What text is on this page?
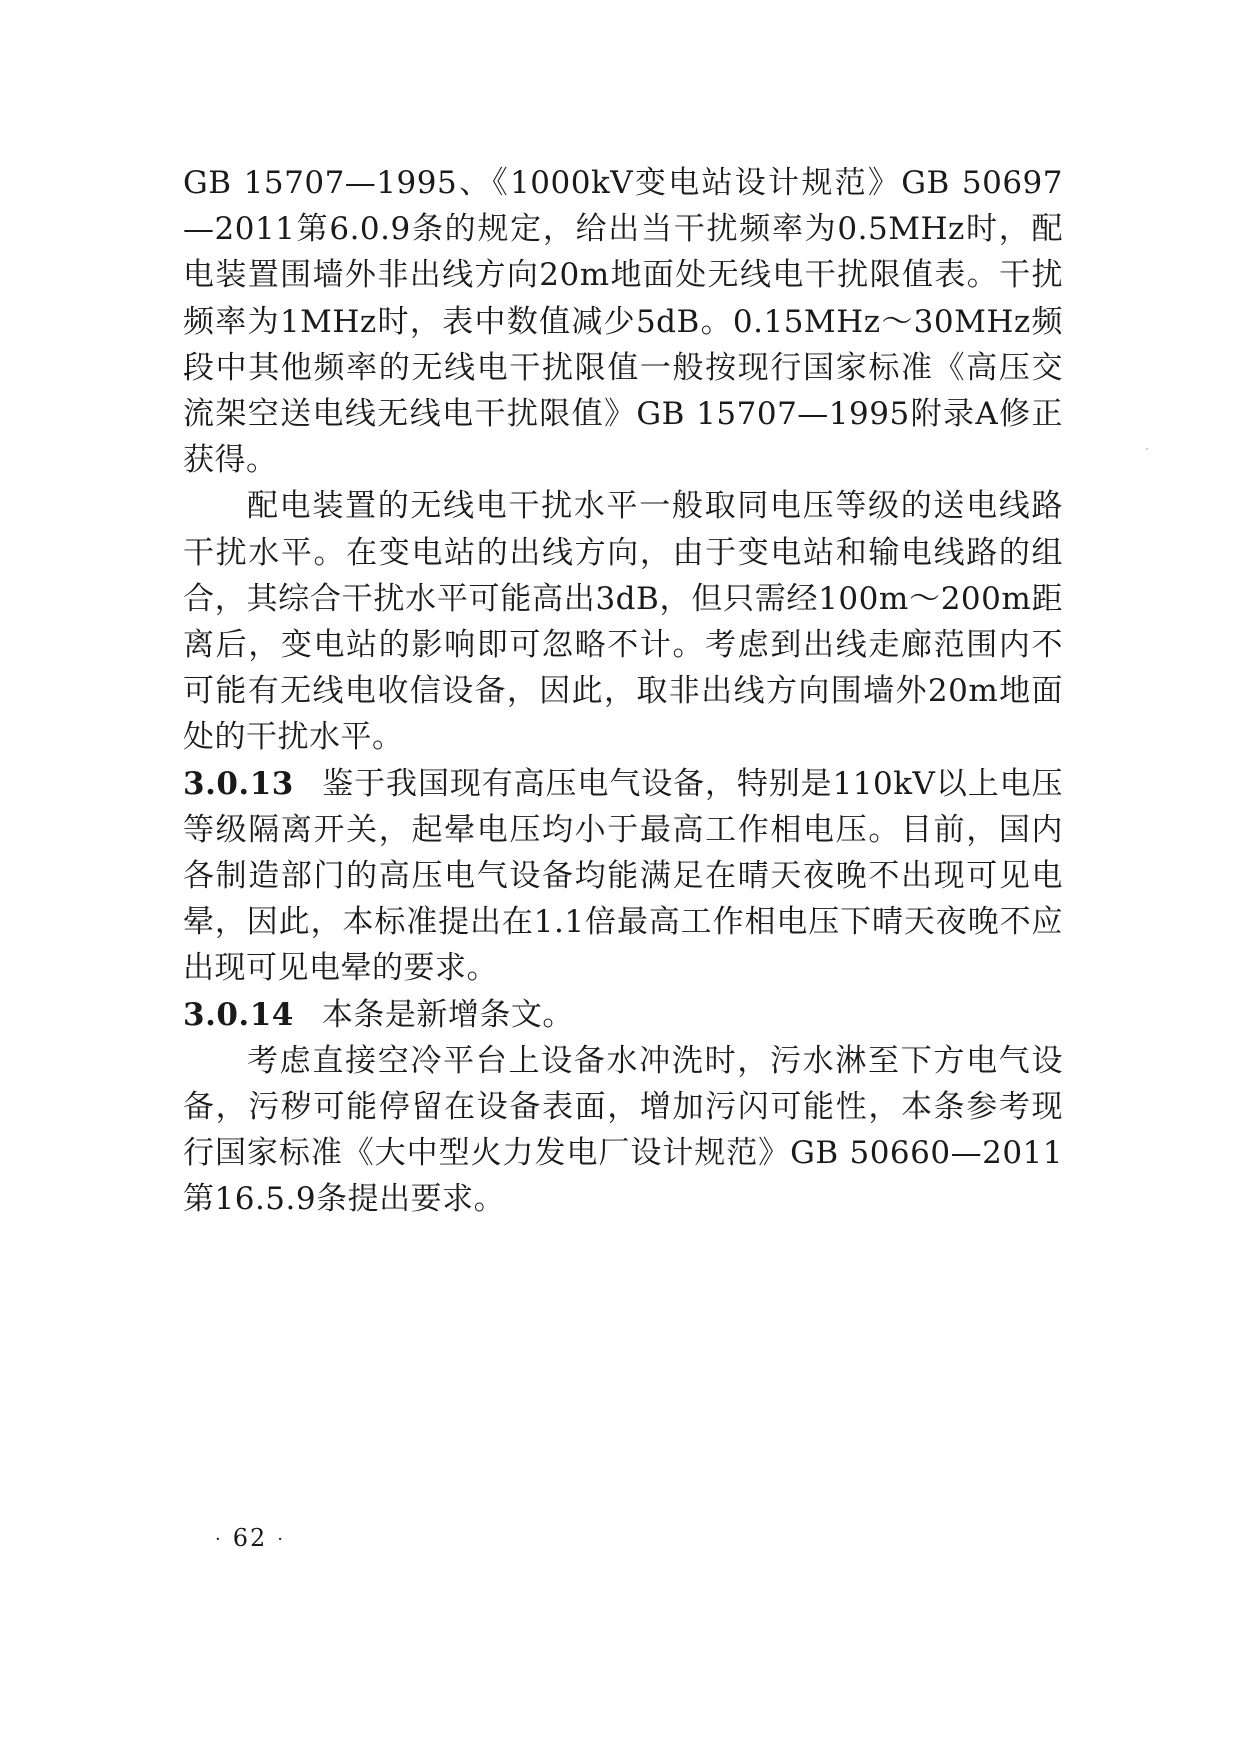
GB 15707—1995、《1000kV变电站设计规范》GB 50697—2011第6.0.9条的规定，给出当干扰频率为0.5MHz时，配电装置围墙外非出线方向20m地面处无线电干扰限值表。干扰频率为1MHz时，表中数值减少5dB。0.15MHz～30MHz频段中其他频率的无线电干扰限值一般按现行国家标准《高压交流架空送电线无线电干扰限值》GB 15707—1995附录A修正获得。

配电装置的无线电干扰水平一般取同电压等级的送电线路干扰水平。在变电站的出线方向，由于变电站和输电线路的组合，其综合干扰水平可能高出3dB，但只需经100m～200m距离后，变电站的影响即可忽略不计。考虑到出线走廊范围内不可能有无线电收信设备，因此，取非出线方向围墙外20m地面处的干扰水平。

3.0.13 鉴于我国现有高压电气设备，特别是110kV以上电压等级隔离开关，起晕电压均小于最高工作相电压。目前，国内各制造部门的高压电气设备均能满足在晴天夜晚不出现可见电晕，因此，本标准提出在1.1倍最高工作相电压下晴天夜晚不应出现可见电晕的要求。

3.0.14 本条是新增条文。

考虑直接空冷平台上设备水冲洗时，污水淋至下方电气设备，污秽可能停留在设备表面，增加污闪可能性，本条参考现行国家标准《大中型火力发电厂设计规范》GB 50660—2011第16.5.9条提出要求。

· 62 ·
